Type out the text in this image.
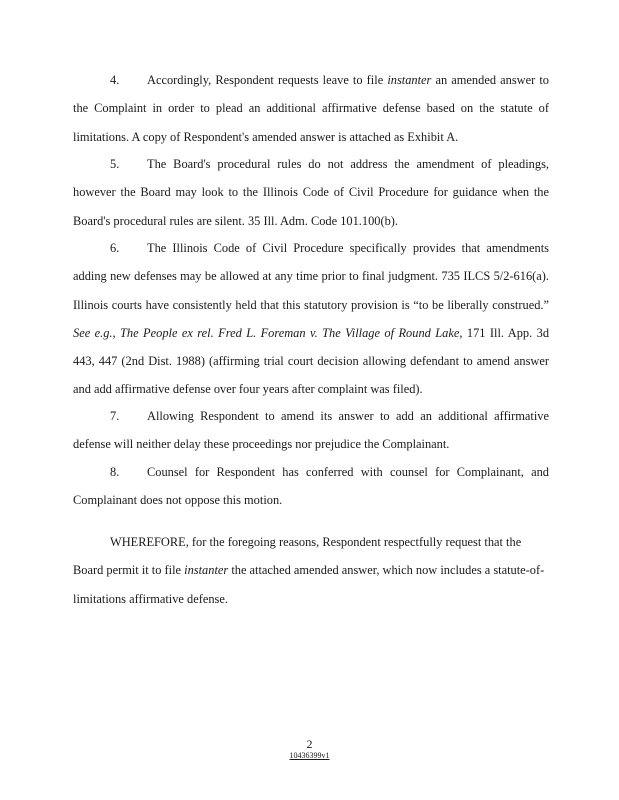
4. Accordingly, Respondent requests leave to file instanter an amended answer to the Complaint in order to plead an additional affirmative defense based on the statute of limitations. A copy of Respondent's amended answer is attached as Exhibit A.

5. The Board's procedural rules do not address the amendment of pleadings, however the Board may look to the Illinois Code of Civil Procedure for guidance when the Board's procedural rules are silent. 35 Ill. Adm. Code 101.100(b).

6. The Illinois Code of Civil Procedure specifically provides that amendments adding new defenses may be allowed at any time prior to final judgment. 735 ILCS 5/2-616(a). Illinois courts have consistently held that this statutory provision is “to be liberally construed.” See e.g., The People ex rel. Fred L. Foreman v. The Village of Round Lake, 171 Ill. App. 3d 443, 447 (2nd Dist. 1988) (affirming trial court decision allowing defendant to amend answer and add affirmative defense over four years after complaint was filed).

7. Allowing Respondent to amend its answer to add an additional affirmative defense will neither delay these proceedings nor prejudice the Complainant.

8. Counsel for Respondent has conferred with counsel for Complainant, and Complainant does not oppose this motion.

WHEREFORE, for the foregoing reasons, Respondent respectfully request that the Board permit it to file instanter the attached amended answer, which now includes a statute-of-limitations affirmative defense.

2
10436399v1
